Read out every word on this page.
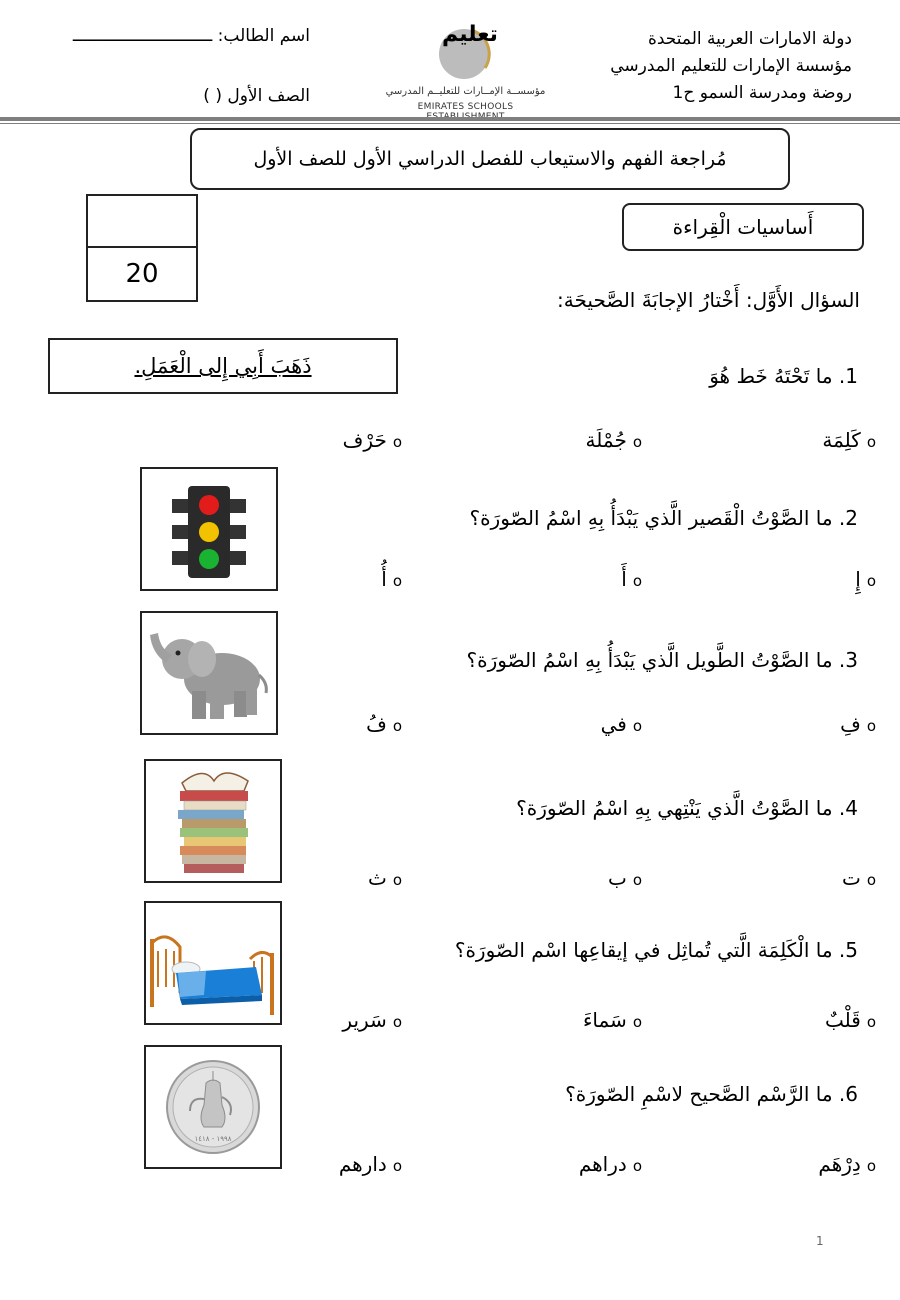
دولة الامارات العربية المتحدة
مؤسسة الإمارات للتعليم المدرسي
روضة ومدرسة السمو ح1
اسم الطالب: ــــــــــــــــــــــــــــ
الصف الأول ( )
تعليم
مؤسســة الإمــارات للتعليــم المدرسي
EMIRATES SCHOOLS
مُراجعة الفهم والاستيعاب للفصل الدراسي الأول للصف الأول
20
أَساسيات الْقِراءة
السؤال الأَوَّل: أَخْتارُ الإجابَةَ الصَّحيحَة:
ذَهَبَ أَبِي إِلى الْعَمَلِ.	1. ما تَحْتَهُ خَط هُوَ
oكَلِمَة
oجُمْلَة
oحَرْف
2. ما الصَّوْتُ الْقَصير الَّذي يَبْدَأُ بِهِ اسْمُ الصّورَة؟
oإِ
oأَ
oأُ
3. ما الصَّوْتُ الطَّويل الَّذي يَبْدَأُ بِهِ اسْمُ الصّورَة؟
oفِ
oفي
oفُ
4. ما الصَّوْتُ الَّذي يَنْتِهي بِهِ اسْمُ الصّورَة؟
oت
oب
oث
5. ما الْكَلِمَة الَّتي تُماثِل في إيقاعِها اسْم الصّورَة؟
oقَلْبٌ
oسَماءَ
oسَرير
١٩٩٨ - ١٤١٨
6. ما الرَّسْم الصَّحيح لاسْمِ الصّورَة؟
oدِرْهَم
oدراهم
oدارهم
1
